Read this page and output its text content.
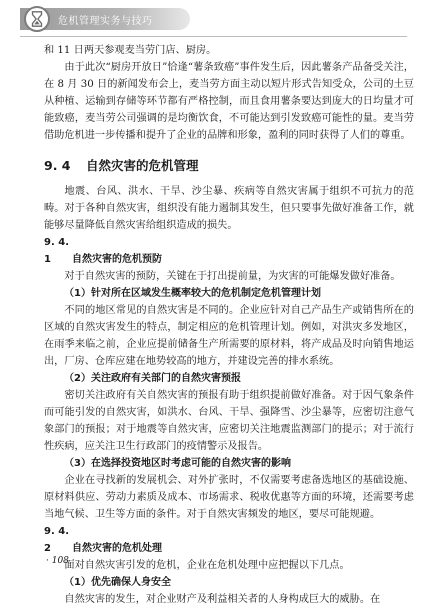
危机管理实务与技巧

和 11 日两天参观麦当劳门店、厨房。

由于此次“厨房开放日”恰逢“薯条致癌”事件发生后，因此薯条产品备受关注，在 8 月 30 日的新闻发布会上，麦当劳方面主动以短片形式告知受众，公司的土豆从种植、运输到存储等环节都有严格控制，而且食用薯条要达到庞大的日均量才可能致癌，麦当劳公司强调的是均衡饮食，不可能达到引发致癌可能性的量。麦当劳借助危机进一步传播和提升了企业的品牌和形象，盈利的同时获得了人们的尊重。

9. 4	自然灾害的危机管理

地震、台风、洪水、干旱、沙尘暴、疾病等自然灾害属于组织不可抗力的范畴。对于各种自然灾害，组织没有能力遏制其发生，但只要事先做好准备工作，就能够尽量降低自然灾害给组织造成的损失。

9. 4. 1 自然灾害的危机预防

对于自然灾害的预防，关键在于打出提前量，为灾害的可能爆发做好准备。

（1）针对所在区域发生概率较大的危机制定危机管理计划

不同的地区常见的自然灾害是不同的。企业应针对自己产品生产或销售所在的区域的自然灾害发生的特点，制定相应的危机管理计划。例如，对洪灾多发地区，在雨季来临之前，企业应提前储备生产所需要的原材料，将产成品及时向销售地运出，厂房、仓库应建在地势较高的地方，并建设完善的排水系统。

（2）关注政府有关部门的自然灾害预报

密切关注政府有关自然灾害的预报有助于组织提前做好准备。对于因气象条件而可能引发的自然灾害，如洪水、台风、干旱、强降雪、沙尘暴等，应密切注意气象部门的预报；对于地震等自然灾害，应密切关注地震监测部门的提示；对于流行性疾病，应关注卫生行政部门的疫情警示及报告。

（3）在选择投资地区时考虑可能的自然灾害的影响

企业在寻找新的发展机会、对外扩张时，不仅需要考虑备选地区的基础设施、原材料供应、劳动力素质及成本、市场需求、税收优惠等方面的环境，还需要考虑当地气候、卫生等方面的条件。对于自然灾害频发的地区，要尽可能规避。

9. 4. 2 自然灾害的危机处理

面对自然灾害引发的危机，企业在危机处理中应把握以下几点。

（1）优先确保人身安全

自然灾害的发生，对企业财产及利益相关者的人身构成巨大的威胁。在

· 108 ·
